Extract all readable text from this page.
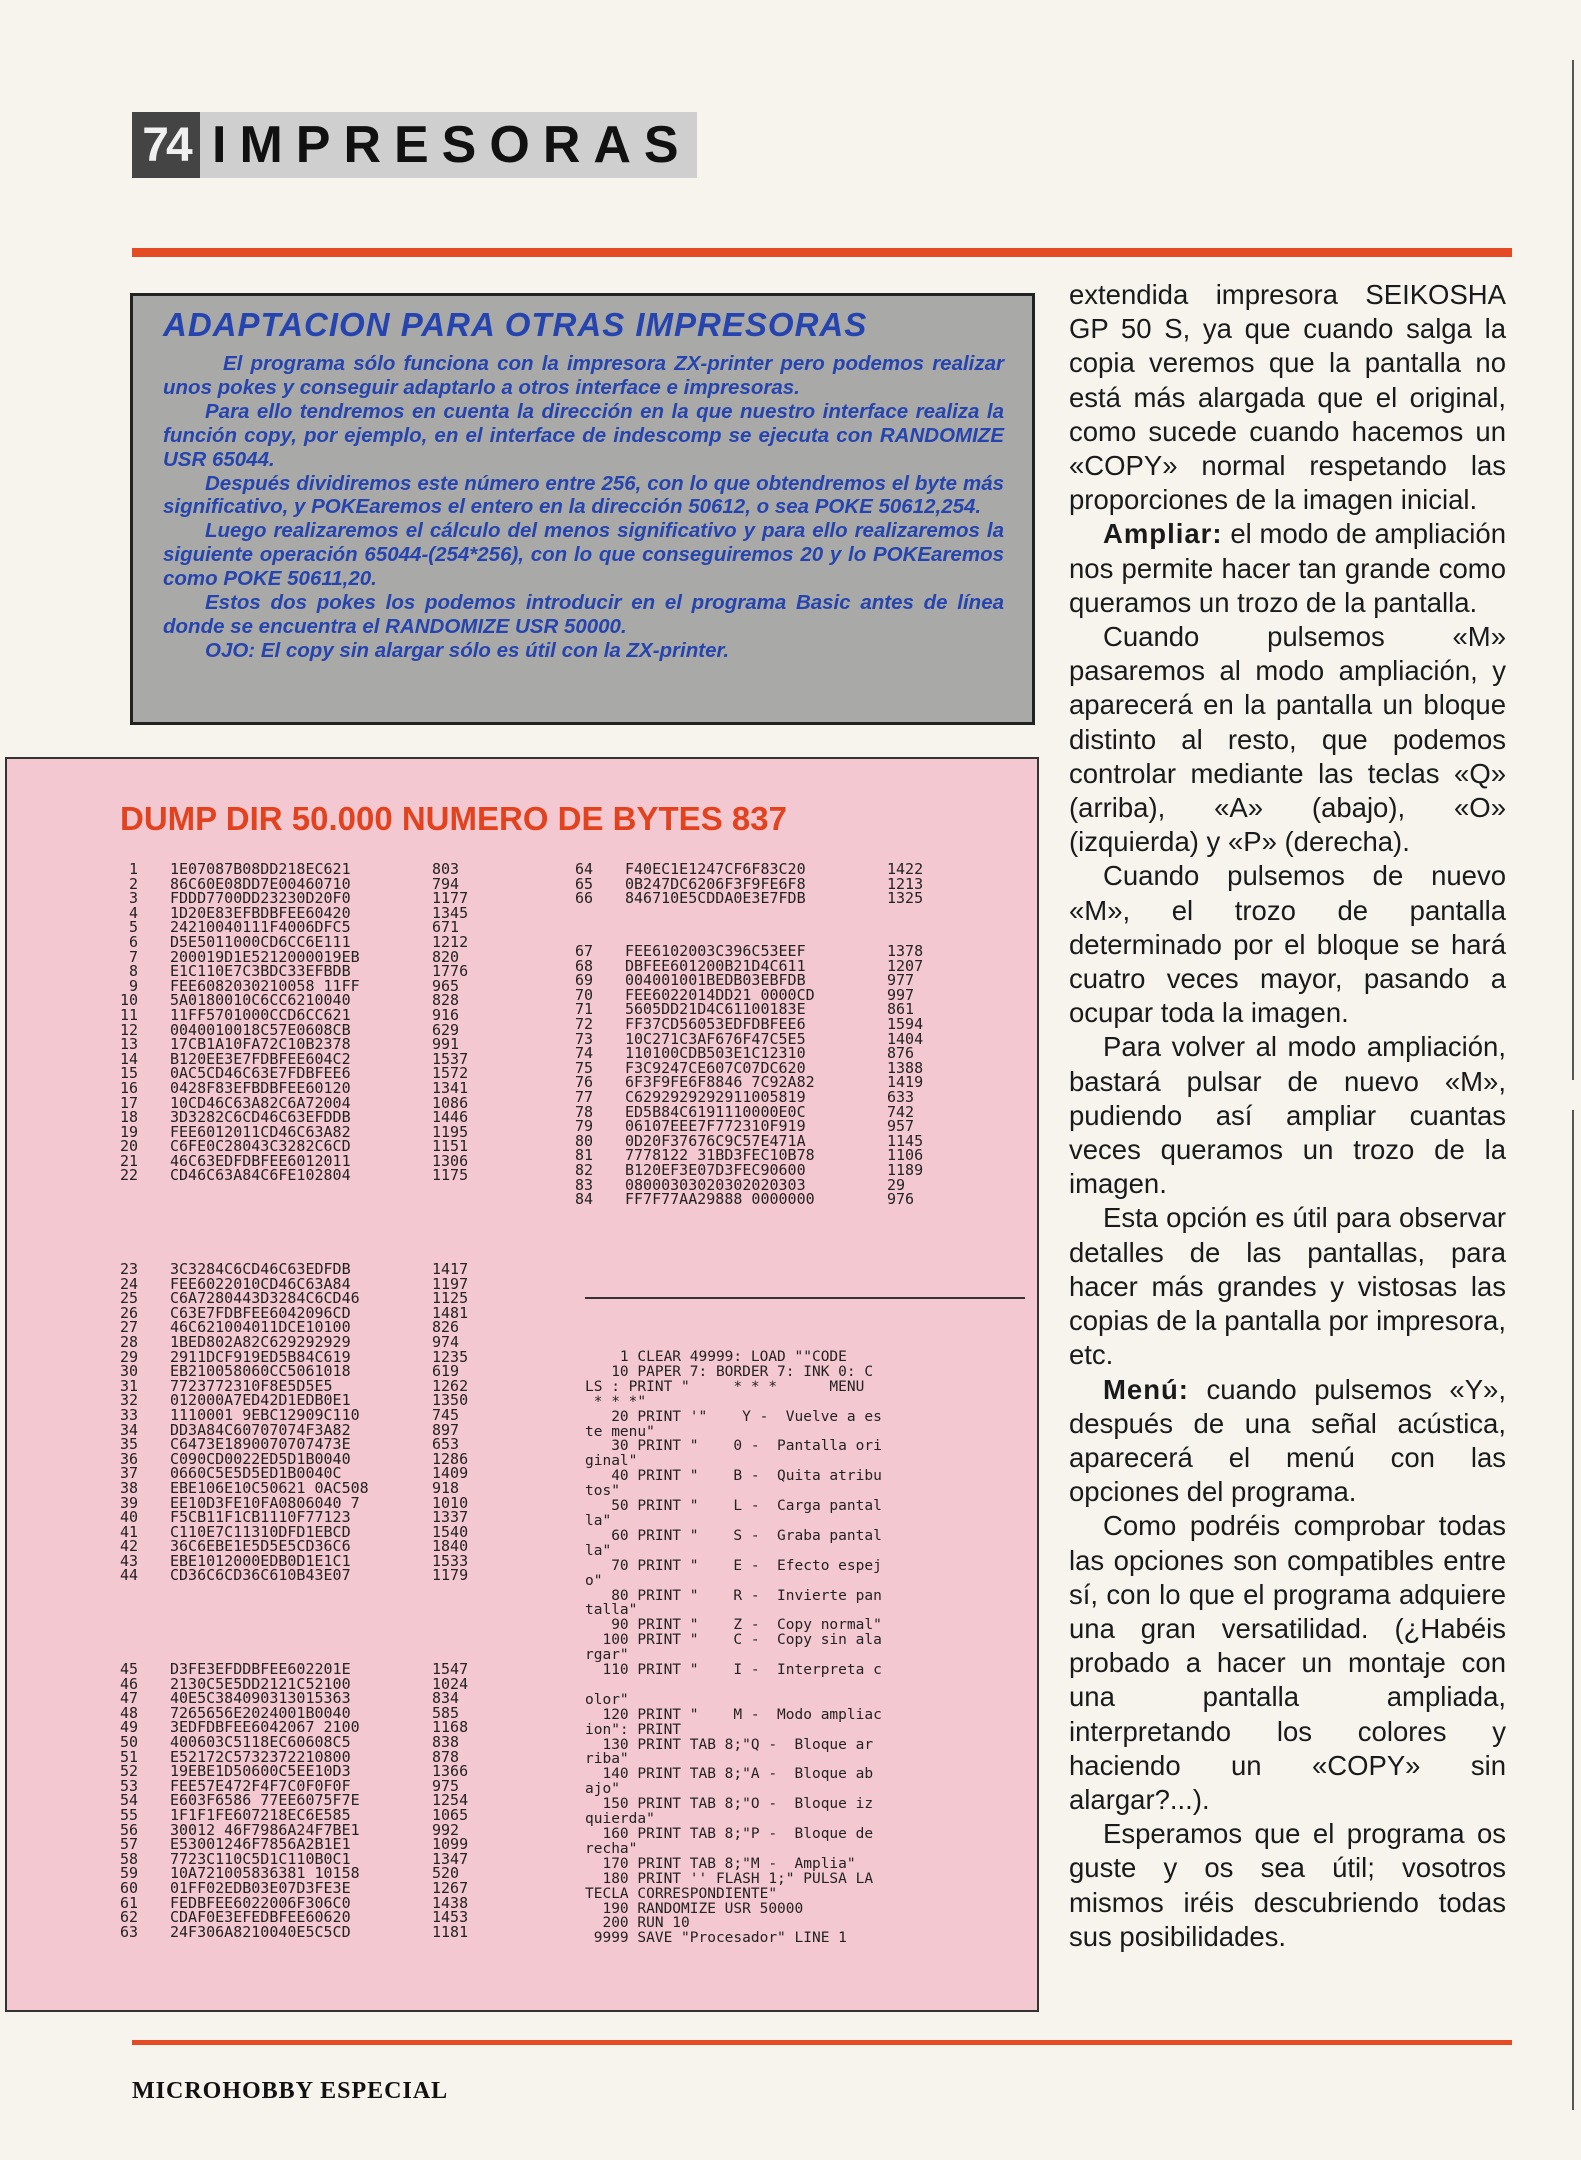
74 IMPRESORAS
ADAPTACION PARA OTRAS IMPRESORAS

El programa sólo funciona con la impresora ZX-printer pero podemos realizar unos pokes y conseguir adaptarlo a otros interface e impresoras.

Para ello tendremos en cuenta la dirección en la que nuestro interface realiza la función copy, por ejemplo, en el interface de indescomp se ejecuta con RANDOMIZE USR 65044.

Después dividiremos este número entre 256, con lo que obtendremos el byte más significativo, y POKEaremos el entero en la dirección 50612, o sea POKE 50612,254.

Luego realizaremos el cálculo del menos significativo y para ello realizaremos la siguiente operación 65044-(254*256), con lo que conseguiremos 20 y lo POKEaremos como POKE 50611,20.

Estos dos pokes los podemos introducir en el programa Basic antes de línea donde se encuentra el RANDOMIZE USR 50000.

OJO: El copy sin alargar sólo es útil con la ZX-printer.

DUMP DIR 50.000 NUMERO DE BYTES 837
1 1E07087B08DD218EC621	803
2 86C60E08DD7E00460710	794
3 FDDD7700DD23230D20F0	1177
4 1D20E83EFBDBFEE60420	1345
5 24210040111F4006DFC5	671
6 D5E5011000CD6CC6E111	1212
7 200019D1E5212000019EB	820
8 E1C110E7C3BDC33EFBDB	1776
9 FEE6082030210058 11FF	965
10 5A0180010C6CC6210040	828
11 11FF5701000CCD6CC621	916
12 0040010018C57E0608CB	629
13 17CB1A10FA72C10B2378	991
14 B120EE3E7FDBFEE604C2	1537
15 0AC5CD46C63E7FDBFEE6	1572
16 0428F83EFBDBFEE60120	1341
17 10CD46C63A82C6A72004	1086
18 3D3282C6CD46C63EFDDB	1446
19 FEE6012011CD46C63A82	1195
20 C6FE0C28043C3282C6CD	1151
21 46C63EDFDBFEE6012011	1306
22 CD46C63A84C6FE102804	1175
23 3C3284C6CD46C63EDFDB	1417
24 FEE6022010CD46C63A84	1197
25 C6A7280443D3284C6CD46	1125
26 C63E7FDBFEE6042096CD	1481
27 46C621004011DCE10100	826
28 1BED802A82C629292929	974
29 2911DCF919ED5B84C619	1235
30 EB210058060CC5061018	619
31 7723772310F8E5D5E5	1262
32 012000A7ED42D1EDB0E1	1350
33 1110001 9EBC12909C110	745
34 DD3A84C60707074F3A82	897
35 C6473E1890070707473E	653
36 C090CD0022ED5D1B0040	1286
37 0660C5E5D5ED1B0040C	1409
38 EBE106E10C50621 0AC508	918
39 EE10D3FE10FA0806040 7	1010
40 F5CB11F1CB1110F77123	1337
41 C110E7C11310DFD1EBCD	1540
42 36C6EBE1E5D5E5CD36C6	1840
43 EBE1012000EDB0D1E1C1	1533
44 CD36C6CD36C610B43E07	1179
45 D3FE3EFDDBFEE602201E	1547
46 2130C5E5DD2121C52100	1024
47 40E5C384090313015363	834
48 7265656E2024001B0040	585
49 3EDFDBFEE6042067 2100	1168
50 400603C5118EC60608C5	838
51 E52172C5732372210800	878
52 19EBE1D50600C5EE10D3	1366
53 FEE57E472F4F7C0F0F0F	975
54 E603F6586 77EE6075F7E	1254
55 1F1F1FE607218EC6E585	1065
56 30012 46F7986A24F7BE1	992
57 E53001246F7856A2B1E1	1099
58 7723C110C5D1C110B0C1	1347
59 10A721005836381 10158	520
60 01FF02EDB03E07D3FE3E	1267
61 FEDBFEE6022006F306C0	1438
62 CDAF0E3EFEDBFEE60620	1453
63 24F306A8210040E5C5CD	1181
64 F40EC1E1247CF6F83C20	1422
65 0B247DC6206F3F9FE6F8	1213
66 846710E5CDDA0E3E7FDB	1325
67 FEE6102003C396C53EEF	1378
68 DBFEE601200B21D4C611	1207
69 004001001BEDB03EBFDB	977
70 FEE6022014DD21 0000CD	997
71 5605DD21D4C61100183E	861
72 FF37CD56053EDFDBFEE6	1594
73 10C271C3AF676F47C5E5	1404
74 110100CDB503E1C12310	876
75 F3C9247CE607C07DC620	1388
76 6F3F9FE6F8846 7C92A82	1419
77 C6292929292911005819	633
78 ED5B84C6191110000E0C	742
79 06107EEE7F772310F919	957
80 0D20F37676C9C57E471A	1145
81 7778122 31BD3FEC10B78	1106
82 B120EF3E07D3FEC90600	1189
83 08000303020302020303	29
84 FF7F77AA29888 0000000	976
1 CLEAR 49999: LOAD ""CODE
10 PAPER 7: BORDER 7: INK 0: C
LS : PRINT "     * * *      MENU
* * *"
20 PRINT '"    Y -  Vuelve a es
te menu"
30 PRINT "    0 -  Pantalla ori
ginal"
40 PRINT "    B -  Quita atribu
tos"
50 PRINT "    L -  Carga pantal
la"
60 PRINT "    S -  Graba pantal
la"
70 PRINT "    E -  Efecto espej
o"
80 PRINT "    R -  Invierte pan
talla"
90 PRINT "    Z -  Copy normal"
100 PRINT "    C -  Copy sin ala
rgar"
110 PRINT "    I -  Interpreta c

olor"
120 PRINT "    M -  Modo ampliac
ion": PRINT
130 PRINT TAB 8;"Q -  Bloque ar
riba"
140 PRINT TAB 8;"A -  Bloque ab
ajo"
150 PRINT TAB 8;"O -  Bloque iz
quierda"
160 PRINT TAB 8;"P -  Bloque de
recha"
170 PRINT TAB 8;"M -  Amplia"
180 PRINT '' FLASH 1;" PULSA LA
TECLA CORRESPONDIENTE"
190 RANDOMIZE USR 50000
200 RUN 10
9999 SAVE "Procesador" LINE 1

extendida impresora SEIKOSHA GP 50 S, ya que cuando salga la copia veremos que la pantalla no está más alargada que el original, como sucede cuando hacemos un «COPY» normal respetando las proporciones de la imagen inicial.

Ampliar: el modo de ampliación nos permite hacer tan grande como queramos un trozo de la pantalla.

Cuando pulsemos «M» pasaremos al modo ampliación, y aparecerá en la pantalla un bloque distinto al resto, que podemos controlar mediante las teclas «Q» (arriba), «A» (abajo), «O» (izquierda) y «P» (derecha).

Cuando pulsemos de nuevo «M», el trozo de pantalla determinado por el bloque se hará cuatro veces mayor, pasando a ocupar toda la imagen.

Para volver al modo ampliación, bastará pulsar de nuevo «M», pudiendo así ampliar cuantas veces queramos un trozo de la imagen.

Esta opción es útil para observar detalles de las pantallas, para hacer más grandes y vistosas las copias de la pantalla por impresora, etc.

Menú: cuando pulsemos «Y», después de una señal acústica, aparecerá el menú con las opciones del programa.

Como podréis comprobar todas las opciones son compatibles entre sí, con lo que el programa adquiere una gran versatilidad. (¿Habéis probado a hacer un montaje con una pantalla ampliada, interpretando los colores y haciendo un «COPY» sin alargar?...).

Esperamos que el programa os guste y os sea útil; vosotros mismos iréis descubriendo todas sus posibilidades.

MICROHOBBY ESPECIAL
